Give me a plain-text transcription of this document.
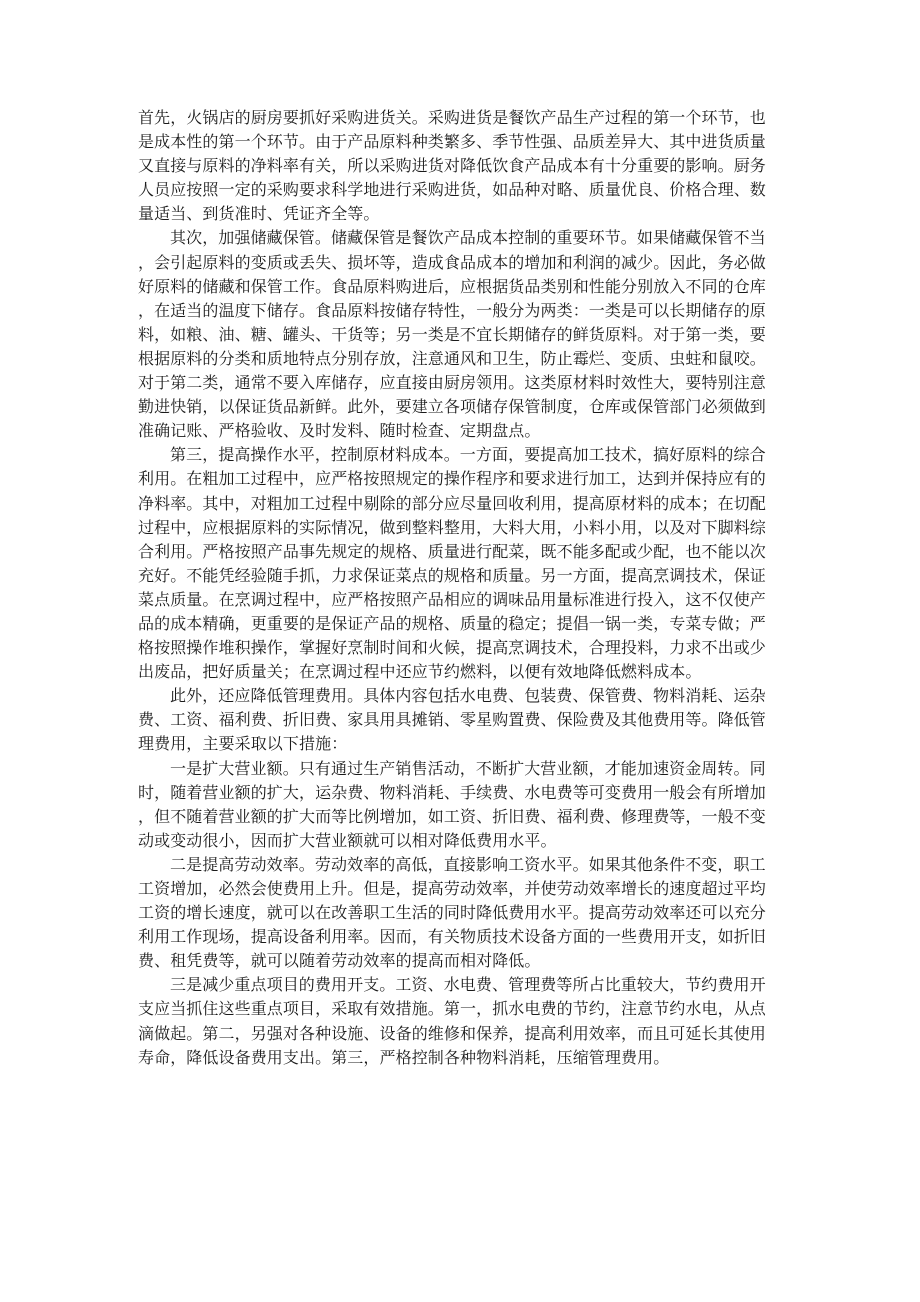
首先，火锅店的厨房要抓好采购进货关。采购进货是餐饮产品生产过程的第一个环节，也
是成本性的第一个环节。由于产品原料种类繁多、季节性强、品质差异大、其中进货质量
又直接与原料的净料率有关，所以采购进货对降低饮食产品成本有十分重要的影响。厨务
人员应按照一定的采购要求科学地进行采购进货，如品种对略、质量优良、价格合理、数
量适当、到货准时、凭证齐全等。
其次，加强储藏保管。储藏保管是餐饮产品成本控制的重要环节。如果储藏保管不当
，会引起原料的变质或丢失、损坏等，造成食品成本的增加和利润的减少。因此，务必做
好原料的储藏和保管工作。食品原料购进后，应根据货品类别和性能分别放入不同的仓库
，在适当的温度下储存。食品原料按储存特性，一般分为两类：一类是可以长期储存的原
料，如粮、油、糖、罐头、干货等；另一类是不宜长期储存的鲜货原料。对于第一类，要
根据原料的分类和质地特点分别存放，注意通风和卫生，防止霉烂、变质、虫蛀和鼠咬。
对于第二类，通常不要入库储存，应直接由厨房领用。这类原材料时效性大，要特别注意
勤进快销，以保证货品新鲜。此外，要建立各项储存保管制度，仓库或保管部门必须做到
准确记账、严格验收、及时发料、随时检查、定期盘点。
第三，提高操作水平，控制原材料成本。一方面，要提高加工技术，搞好原料的综合
利用。在粗加工过程中，应严格按照规定的操作程序和要求进行加工，达到并保持应有的
净料率。其中，对粗加工过程中剔除的部分应尽量回收利用，提高原材料的成本；在切配
过程中，应根据原料的实际情况，做到整料整用，大料大用，小料小用，以及对下脚料综
合利用。严格按照产品事先规定的规格、质量进行配菜，既不能多配或少配，也不能以次
充好。不能凭经验随手抓，力求保证菜点的规格和质量。另一方面，提高烹调技术，保证
菜点质量。在烹调过程中，应严格按照产品相应的调味品用量标准进行投入，这不仅使产
品的成本精确，更重要的是保证产品的规格、质量的稳定；提倡一锅一类，专菜专做；严
格按照操作堆积操作，掌握好烹制时间和火候，提高烹调技术，合理投料，力求不出或少
出废品，把好质量关；在烹调过程中还应节约燃料，以便有效地降低燃料成本。
此外，还应降低管理费用。具体内容包括水电费、包装费、保管费、物料消耗、运杂
费、工资、福利费、折旧费、家具用具摊销、零星购置费、保险费及其他费用等。降低管
理费用，主要采取以下措施：
一是扩大营业额。只有通过生产销售活动，不断扩大营业额，才能加速资金周转。同
时，随着营业额的扩大，运杂费、物料消耗、手续费、水电费等可变费用一般会有所增加
，但不随着营业额的扩大而等比例增加，如工资、折旧费、福利费、修理费等，一般不变
动或变动很小，因而扩大营业额就可以相对降低费用水平。
二是提高劳动效率。劳动效率的高低，直接影响工资水平。如果其他条件不变，职工
工资增加，必然会使费用上升。但是，提高劳动效率，并使劳动效率增长的速度超过平均
工资的增长速度，就可以在改善职工生活的同时降低费用水平。提高劳动效率还可以充分
利用工作现场，提高设备利用率。因而，有关物质技术设备方面的一些费用开支，如折旧
费、租凭费等，就可以随着劳动效率的提高而相对降低。
三是减少重点项目的费用开支。工资、水电费、管理费等所占比重较大，节约费用开
支应当抓住这些重点项目，采取有效措施。第一，抓水电费的节约，注意节约水电，从点
滴做起。第二，另强对各种设施、设备的维修和保养，提高利用效率，而且可延长其使用
寿命，降低设备费用支出。第三，严格控制各种物料消耗，压缩管理费用。
